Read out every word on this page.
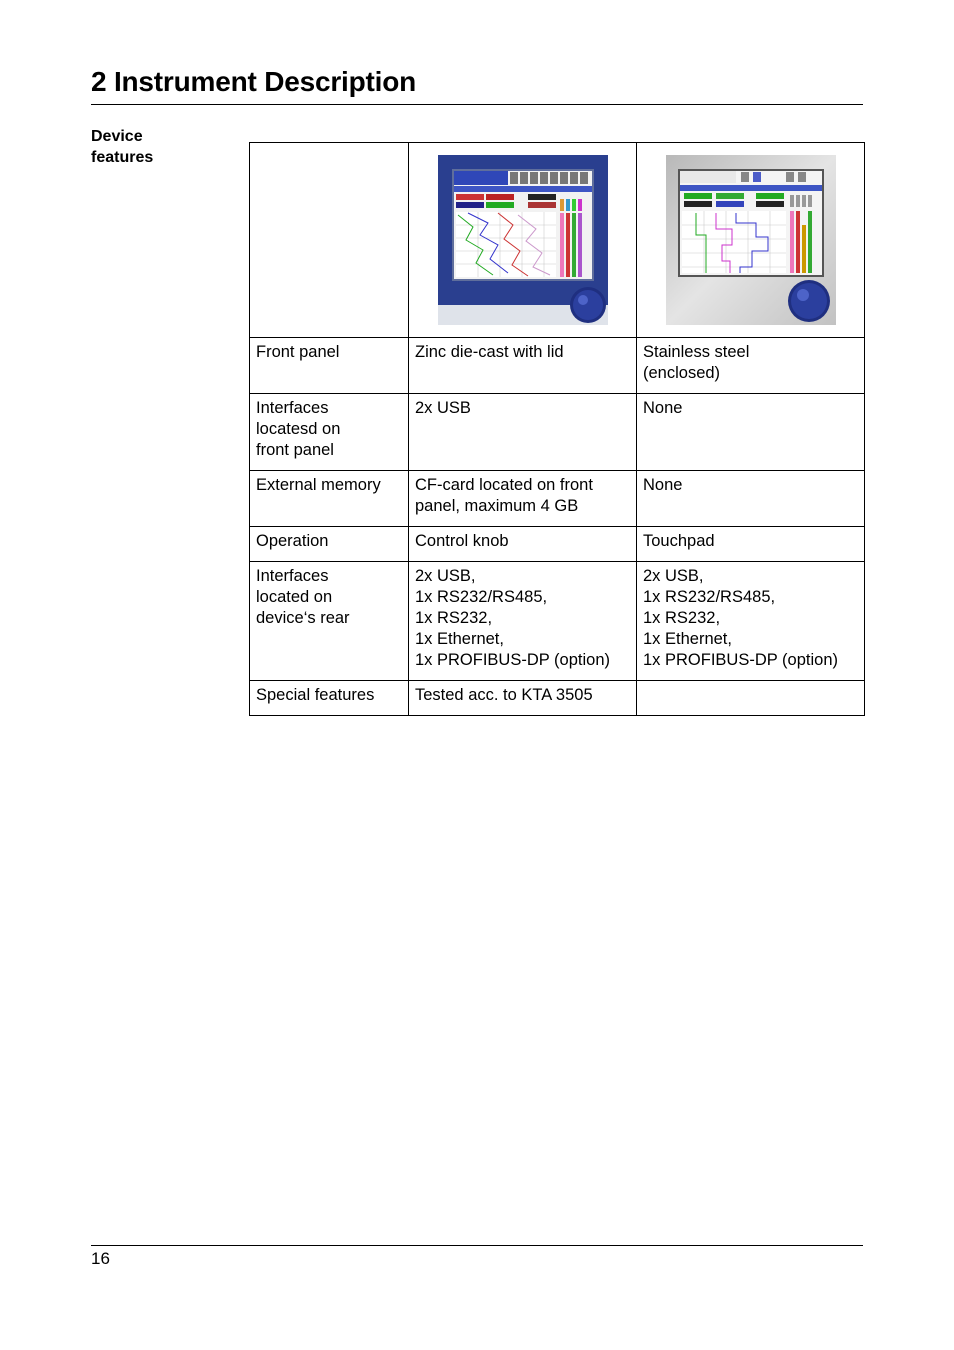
2 Instrument Description
Device
features

Front panel	Zinc die-cast with lid	Stainless steel
(enclosed)

Interfaces
locatesd on
front panel	2x USB	None

External memory	CF-card located on front
panel, maximum 4 GB	None

Operation	Control knob	Touchpad

Interfaces
located on
device‘s rear	2x USB,
1x RS232/RS485,
1x RS232,
1x Ethernet,
1x PROFIBUS-DP (option)	2x USB,
1x RS232/RS485,
1x RS232,
1x Ethernet,
1x PROFIBUS-DP (option)

Special features	Tested acc. to KTA 3505	

16
